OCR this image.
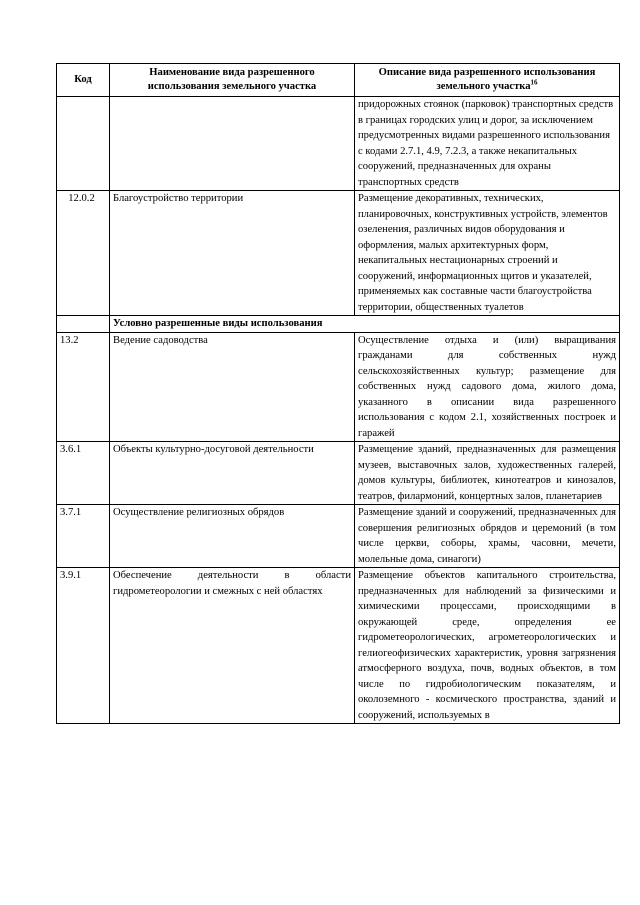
Код	Наименование вида разрешенного использования земельного участка	Описание вида разрешенного использования земельного участка$^{16}$
		придорожных стоянок (парковок) транспортных средств в границах городских улиц и дорог, за исключением предусмотренных видами разрешенного использования с кодами 2.7.1, 4.9, 7.2.3, а также некапитальных сооружений, предназначенных для охраны транспортных средств
12.0.2	Благоустройство территории	Размещение декоративных, технических, планировочных, конструктивных устройств, элементов озеленения, различных видов оборудования и оформления, малых архитектурных форм, некапитальных нестационарных строений и сооружений, информационных щитов и указателей, применяемых как составные части благоустройства территории, общественных туалетов
	Условно разрешенные виды использования	
13.2	Ведение садоводства	Осуществление отдыха и (или) выращивания гражданами для собственных нужд сельскохозяйственных культур; размещение для собственных нужд садового дома, жилого дома, указанного в описании вида разрешенного использования с кодом 2.1, хозяйственных построек и гаражей
3.6.1	Объекты культурно-досуговой деятельности	Размещение зданий, предназначенных для размещения музеев, выставочных залов, художественных галерей, домов культуры, библиотек, кинотеатров и кинозалов, театров, филармоний, концертных залов, планетариев
3.7.1	Осуществление религиозных обрядов	Размещение зданий и сооружений, предназначенных для совершения религиозных обрядов и церемоний (в том числе церкви, соборы, храмы, часовни, мечети, молельные дома, синагоги)
3.9.1	Обеспечение деятельности в области гидрометеорологии и смежных с ней областях	Размещение объектов капитального строительства, предназначенных для наблюдений за физическими и химическими процессами, происходящими в окружающей среде, определения ее гидрометеорологических, агрометеорологических и гелиогеофизических характеристик, уровня загрязнения атмосферного воздуха, почв, водных объектов, в том числе по гидробиологическим показателям, и околоземного - космического пространства, зданий и сооружений, используемых в
